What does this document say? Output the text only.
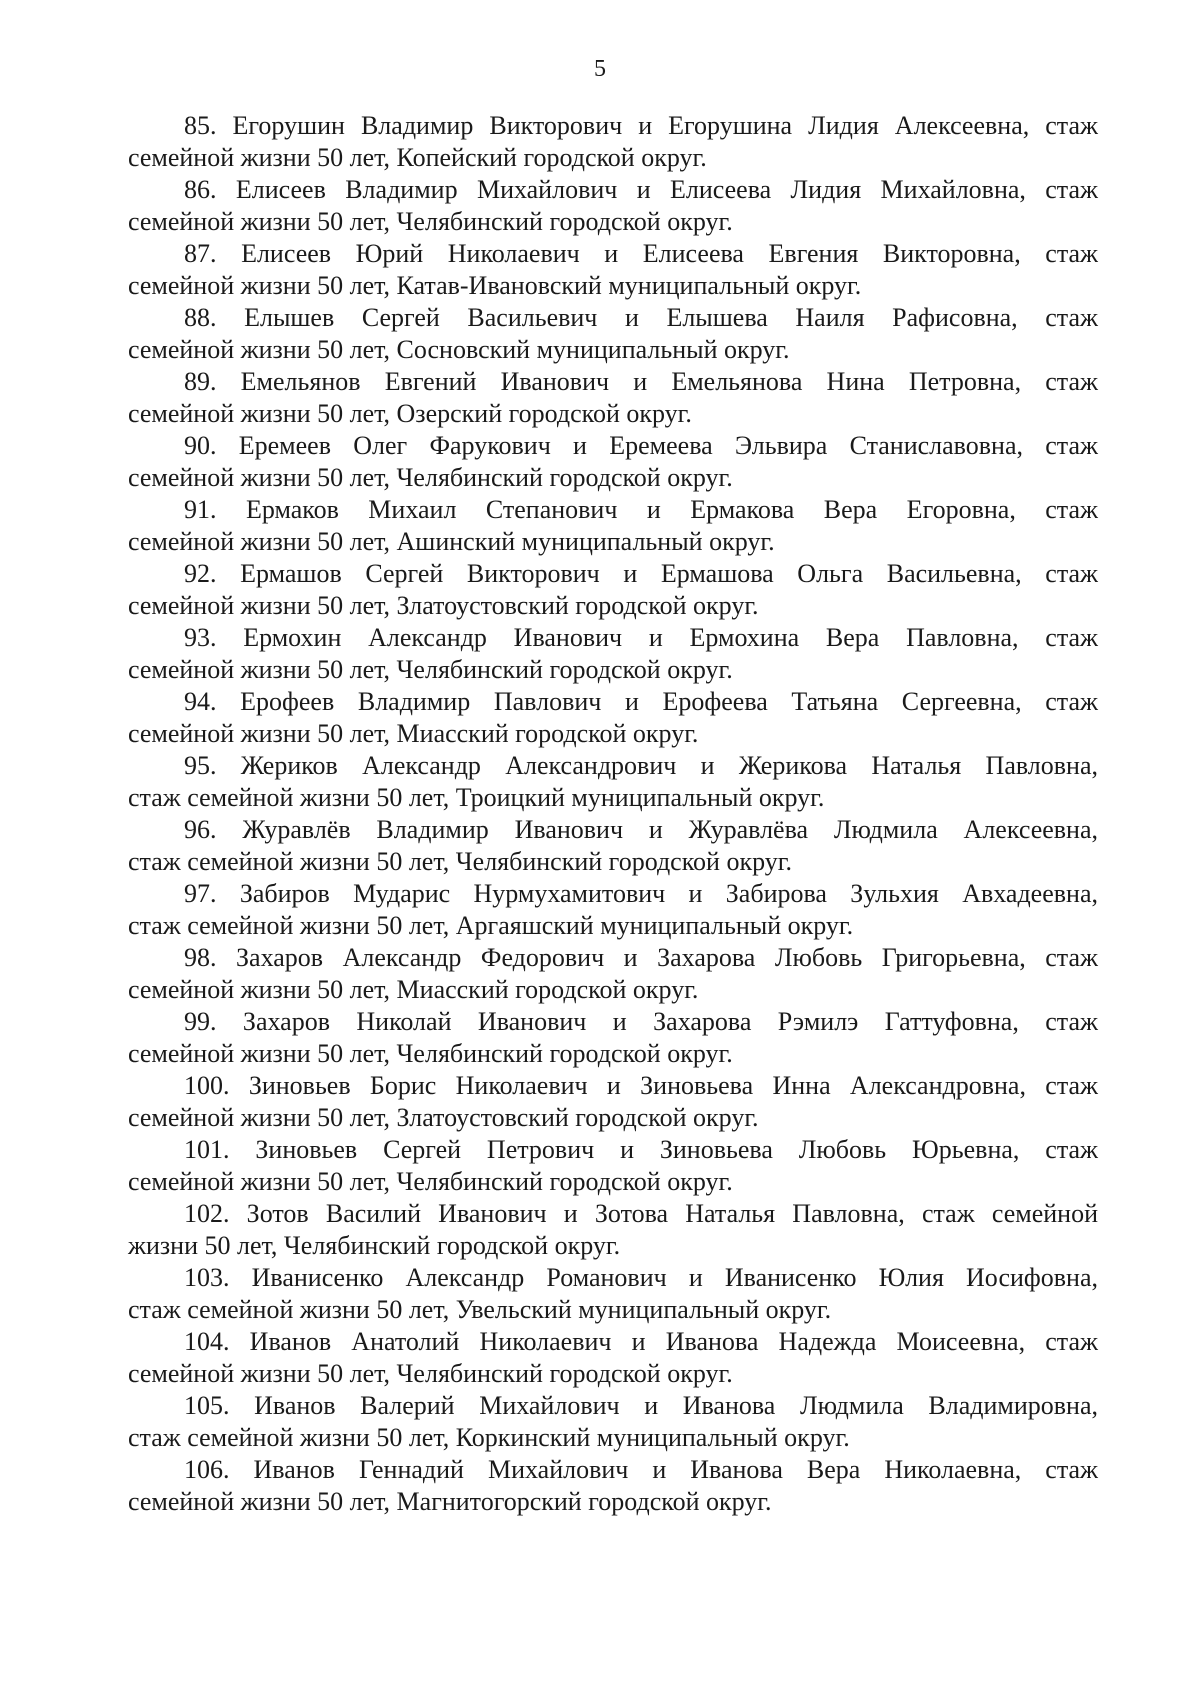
5
85. Егорушин Владимир Викторович и Егорушина Лидия Алексеевна, стаж
семейной жизни 50 лет, Копейский городской округ.
86. Елисеев Владимир Михайлович и Елисеева Лидия Михайловна, стаж
семейной жизни 50 лет, Челябинский городской округ.
87. Елисеев Юрий Николаевич и Елисеева Евгения Викторовна, стаж
семейной жизни 50 лет, Катав-Ивановский муниципальный округ.
88. Елышев Сергей Васильевич и Елышева Наиля Рафисовна, стаж
семейной жизни 50 лет, Сосновский муниципальный округ.
89. Емельянов Евгений Иванович и Емельянова Нина Петровна, стаж
семейной жизни 50 лет, Озерский городской округ.
90. Еремеев Олег Фарукович и Еремеева Эльвира Станиславовна, стаж
семейной жизни 50 лет, Челябинский городской округ.
91. Ермаков Михаил Степанович и Ермакова Вера Егоровна, стаж
семейной жизни 50 лет, Ашинский муниципальный округ.
92. Ермашов Сергей Викторович и Ермашова Ольга Васильевна, стаж
семейной жизни 50 лет, Златоустовский городской округ.
93. Ермохин Александр Иванович и Ермохина Вера Павловна, стаж
семейной жизни 50 лет, Челябинский городской округ.
94. Ерофеев Владимир Павлович и Ерофеева Татьяна Сергеевна, стаж
семейной жизни 50 лет, Миасский городской округ.
95. Жериков Александр Александрович и Жерикова Наталья Павловна,
стаж семейной жизни 50 лет, Троицкий муниципальный округ.
96. Журавлёв Владимир Иванович и Журавлёва Людмила Алексеевна,
стаж семейной жизни 50 лет, Челябинский городской округ.
97. Забиров Мударис Нурмухамитович и Забирова Зульхия Авхадеевна,
стаж семейной жизни 50 лет, Аргаяшский муниципальный округ.
98. Захаров Александр Федорович и Захарова Любовь Григорьевна, стаж
семейной жизни 50 лет, Миасский городской округ.
99. Захаров Николай Иванович и Захарова Рэмилэ Гаттуфовна, стаж
семейной жизни 50 лет, Челябинский городской округ.
100. Зиновьев Борис Николаевич и Зиновьева Инна Александровна, стаж
семейной жизни 50 лет, Златоустовский городской округ.
101. Зиновьев Сергей Петрович и Зиновьева Любовь Юрьевна, стаж
семейной жизни 50 лет, Челябинский городской округ.
102. Зотов Василий Иванович и Зотова Наталья Павловна, стаж семейной
жизни 50 лет, Челябинский городской округ.
103. Иванисенко Александр Романович и Иванисенко Юлия Иосифовна,
стаж семейной жизни 50 лет, Увельский муниципальный округ.
104. Иванов Анатолий Николаевич и Иванова Надежда Моисеевна, стаж
семейной жизни 50 лет, Челябинский городской округ.
105. Иванов Валерий Михайлович и Иванова Людмила Владимировна,
стаж семейной жизни 50 лет, Коркинский муниципальный округ.
106. Иванов Геннадий Михайлович и Иванова Вера Николаевна, стаж
семейной жизни 50 лет, Магнитогорский городской округ.
